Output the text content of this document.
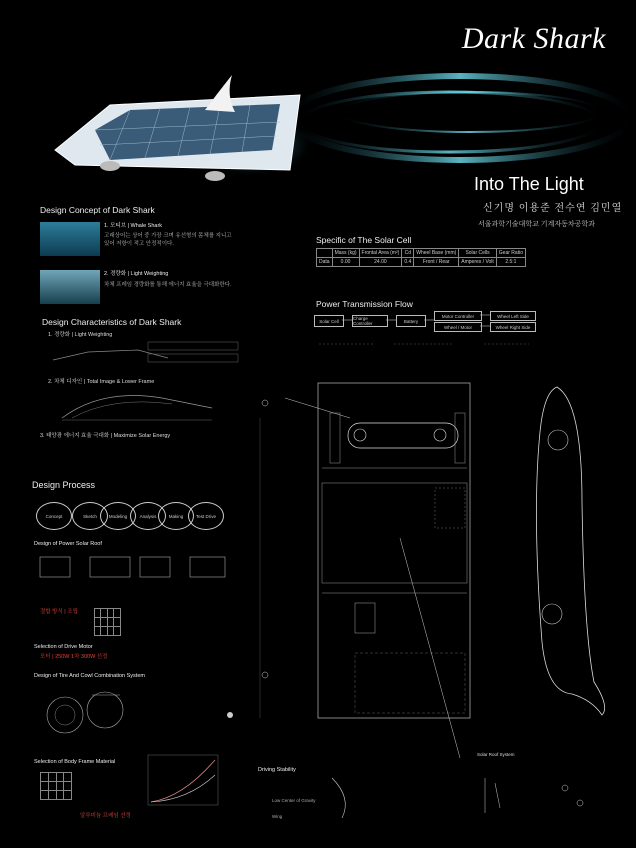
Dark Shark
Into The Light
신기명 이용준 전수연 김민열
서울과학기술대학교 기계자동차공학과
Design Concept of Dark Shark
1. 모티브 | Whale Shark
고래상어는 상어 중 가장 크며 유선형의 몸체를 지니고 있어 저항이 적고 안정적이다.
2. 경량화 | Light Weighting
차체 프레임 경량화를 통해 에너지 효율을 극대화한다.
Design Characteristics of Dark Shark
1. 경량화 | Light Weighting
2. 차체 디자인 | Total Image & Lower Frame
3. 태양광 에너지 효율 극대화 | Maximize Solar Energy
Design Process
Concept	Sketch	Modeling	Analysis	Making	Test Drive
Design of Power Solar Roof
결합 방식 | 조립

Selection of Drive Motor
모터 | 250W 1차 300W 선정
Design of Tire And Cowl Combination System
Selection of Body Frame Material

알루미늄 프레임 선정
Specific of The Solar Cell
	Mass (kg)	Frontal Area (m²)	Cd	Wheel Base (mm)	Solar Cells	Gear Ratio
Data	0.00	24.00	0.4	Front / Rear	Amperes / Volt	2.5:1
Power Transmission Flow
Solar Cell	Charge Controller	Battery
Motor Controller
Wheel / Motor
Wheel Left Side
Wheel Right Side
Solar Roof System
Driving Stability
Low Center of Gravity
Wing
